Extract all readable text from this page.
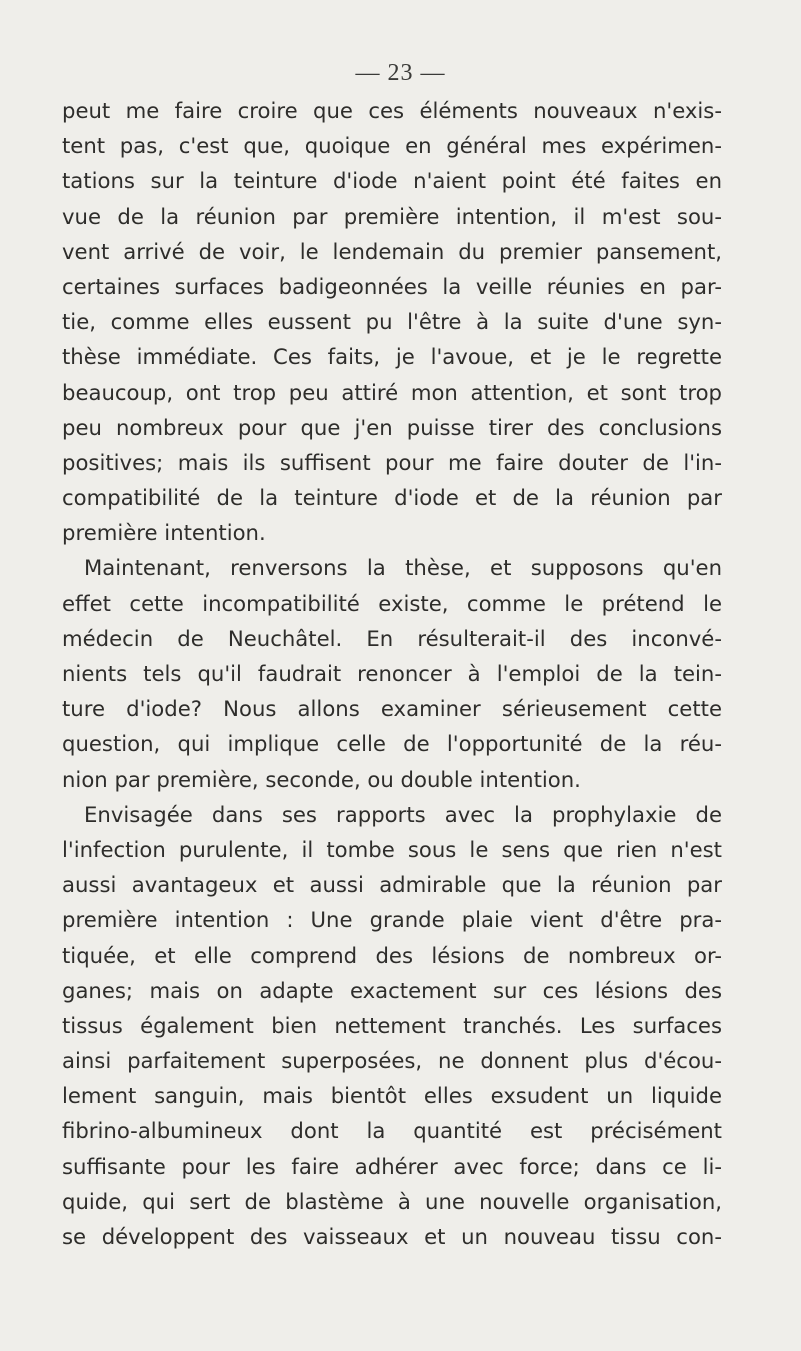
— 23 —
peut me faire croire que ces éléments nouveaux n'exis-
tent pas, c'est que, quoique en général mes expérimen-
tations sur la teinture d'iode n'aient point été faites en
vue de la réunion par première intention, il m'est sou-
vent arrivé de voir, le lendemain du premier pansement,
certaines surfaces badigeonnées la veille réunies en par-
tie, comme elles eussent pu l'être à la suite d'une syn-
thèse immédiate. Ces faits, je l'avoue, et je le regrette
beaucoup, ont trop peu attiré mon attention, et sont trop
peu nombreux pour que j'en puisse tirer des conclusions
positives; mais ils suffisent pour me faire douter de l'in-
compatibilité de la teinture d'iode et de la réunion par
première intention.
Maintenant, renversons la thèse, et supposons qu'en
effet cette incompatibilité existe, comme le prétend le
médecin de Neuchâtel. En résulterait-il des inconvé-
nients tels qu'il faudrait renoncer à l'emploi de la tein-
ture d'iode? Nous allons examiner sérieusement cette
question, qui implique celle de l'opportunité de la réu-
nion par première, seconde, ou double intention.
Envisagée dans ses rapports avec la prophylaxie de
l'infection purulente, il tombe sous le sens que rien n'est
aussi avantageux et aussi admirable que la réunion par
première intention : Une grande plaie vient d'être pra-
tiquée, et elle comprend des lésions de nombreux or-
ganes; mais on adapte exactement sur ces lésions des
tissus également bien nettement tranchés. Les surfaces
ainsi parfaitement superposées, ne donnent plus d'écou-
lement sanguin, mais bientôt elles exsudent un liquide
fibrino-albumineux dont la quantité est précisément
suffisante pour les faire adhérer avec force; dans ce li-
quide, qui sert de blastème à une nouvelle organisation,
se développent des vaisseaux et un nouveau tissu con-
